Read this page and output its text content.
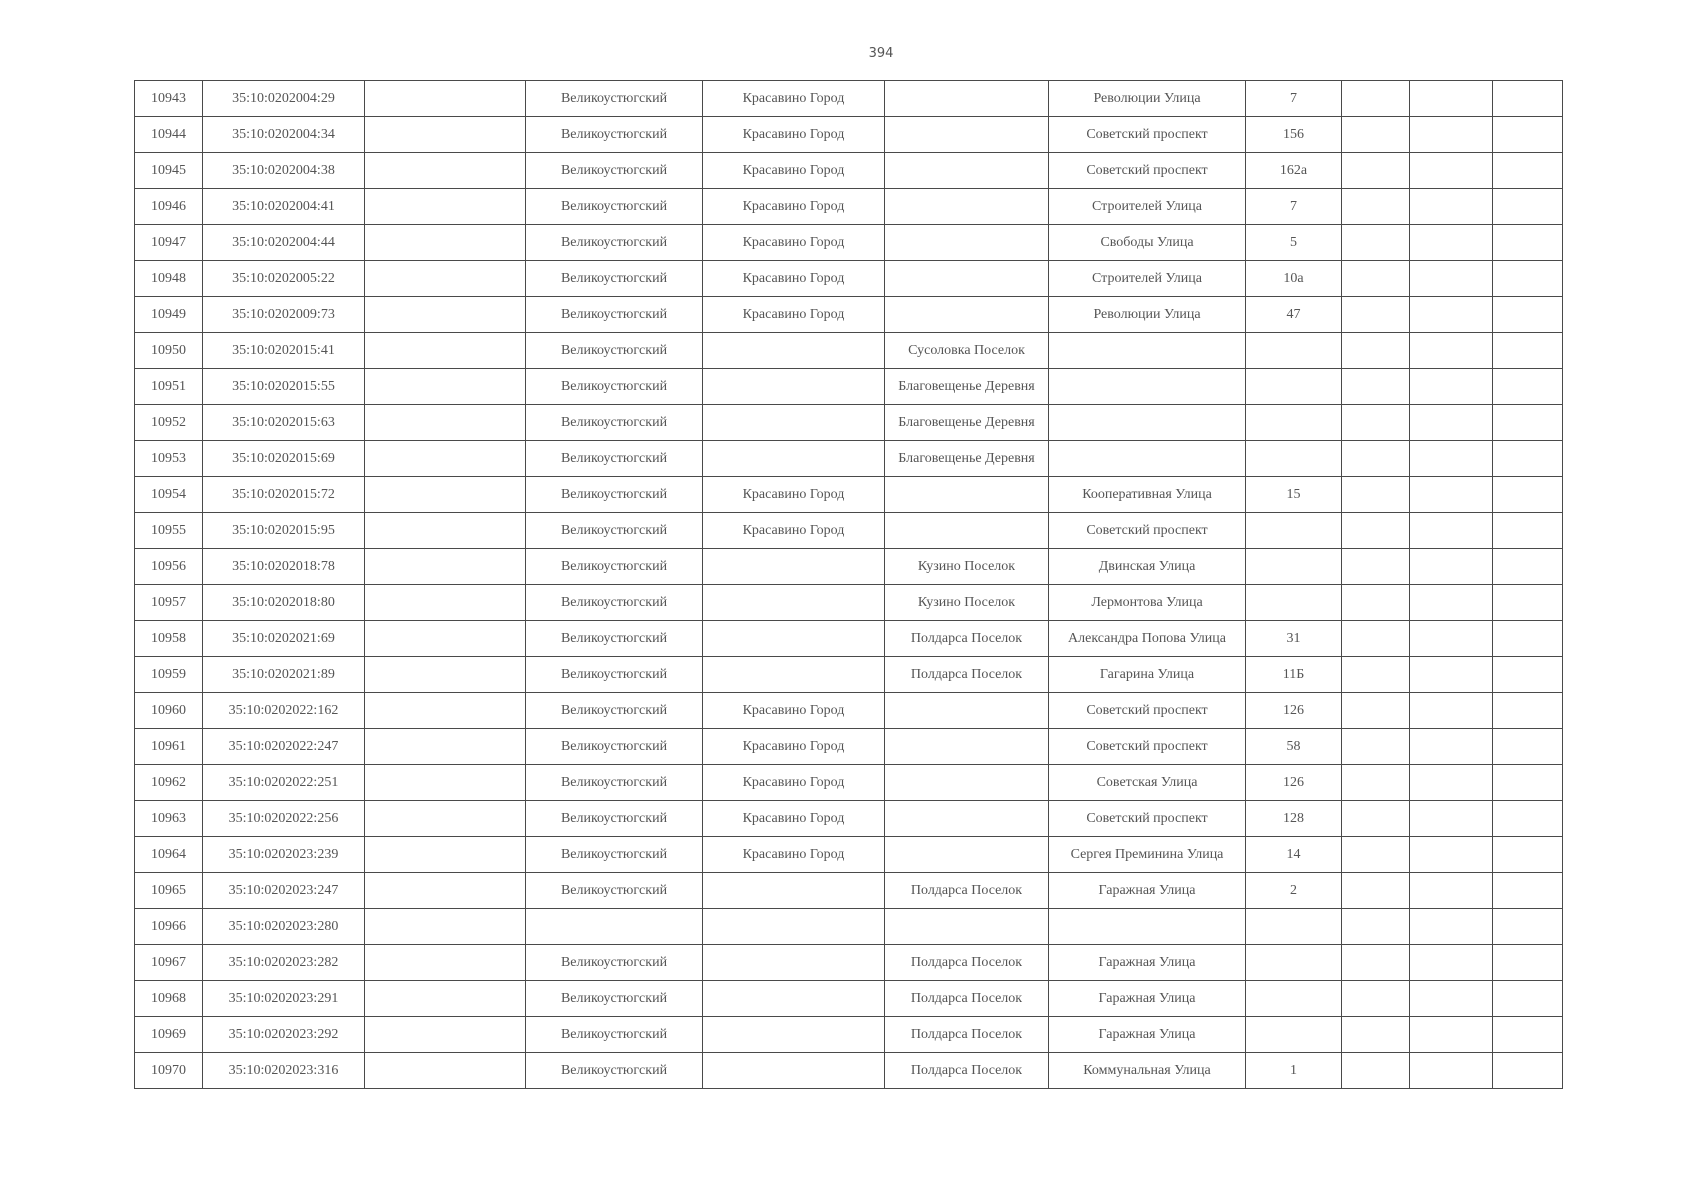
394
10943	35:10:0202004:29		Великоустюгский	Красавино Город		Революции Улица	7			
10944	35:10:0202004:34		Великоустюгский	Красавино Город		Советский проспект	156			
10945	35:10:0202004:38		Великоустюгский	Красавино Город		Советский проспект	162а			
10946	35:10:0202004:41		Великоустюгский	Красавино Город		Строителей Улица	7			
10947	35:10:0202004:44		Великоустюгский	Красавино Город		Свободы Улица	5			
10948	35:10:0202005:22		Великоустюгский	Красавино Город		Строителей Улица	10а			
10949	35:10:0202009:73		Великоустюгский	Красавино Город		Революции Улица	47			
10950	35:10:0202015:41		Великоустюгский		Сусоловка Поселок					
10951	35:10:0202015:55		Великоустюгский		Благовещенье Деревня					
10952	35:10:0202015:63		Великоустюгский		Благовещенье Деревня					
10953	35:10:0202015:69		Великоустюгский		Благовещенье Деревня					
10954	35:10:0202015:72		Великоустюгский	Красавино Город		Кооперативная Улица	15			
10955	35:10:0202015:95		Великоустюгский	Красавино Город		Советский проспект				
10956	35:10:0202018:78		Великоустюгский		Кузино Поселок	Двинская Улица				
10957	35:10:0202018:80		Великоустюгский		Кузино Поселок	Лермонтова Улица				
10958	35:10:0202021:69		Великоустюгский		Полдарса Поселок	Александра Попова Улица	31			
10959	35:10:0202021:89		Великоустюгский		Полдарса Поселок	Гагарина Улица	11Б			
10960	35:10:0202022:162		Великоустюгский	Красавино Город		Советский проспект	126			
10961	35:10:0202022:247		Великоустюгский	Красавино Город		Советский проспект	58			
10962	35:10:0202022:251		Великоустюгский	Красавино Город		Советская Улица	126			
10963	35:10:0202022:256		Великоустюгский	Красавино Город		Советский проспект	128			
10964	35:10:0202023:239		Великоустюгский	Красавино Город		Сергея Преминина Улица	14			
10965	35:10:0202023:247		Великоустюгский		Полдарса Поселок	Гаражная Улица	2			
10966	35:10:0202023:280									
10967	35:10:0202023:282		Великоустюгский		Полдарса Поселок	Гаражная Улица				
10968	35:10:0202023:291		Великоустюгский		Полдарса Поселок	Гаражная Улица				
10969	35:10:0202023:292		Великоустюгский		Полдарса Поселок	Гаражная Улица				
10970	35:10:0202023:316		Великоустюгский		Полдарса Поселок	Коммунальная Улица	1			
